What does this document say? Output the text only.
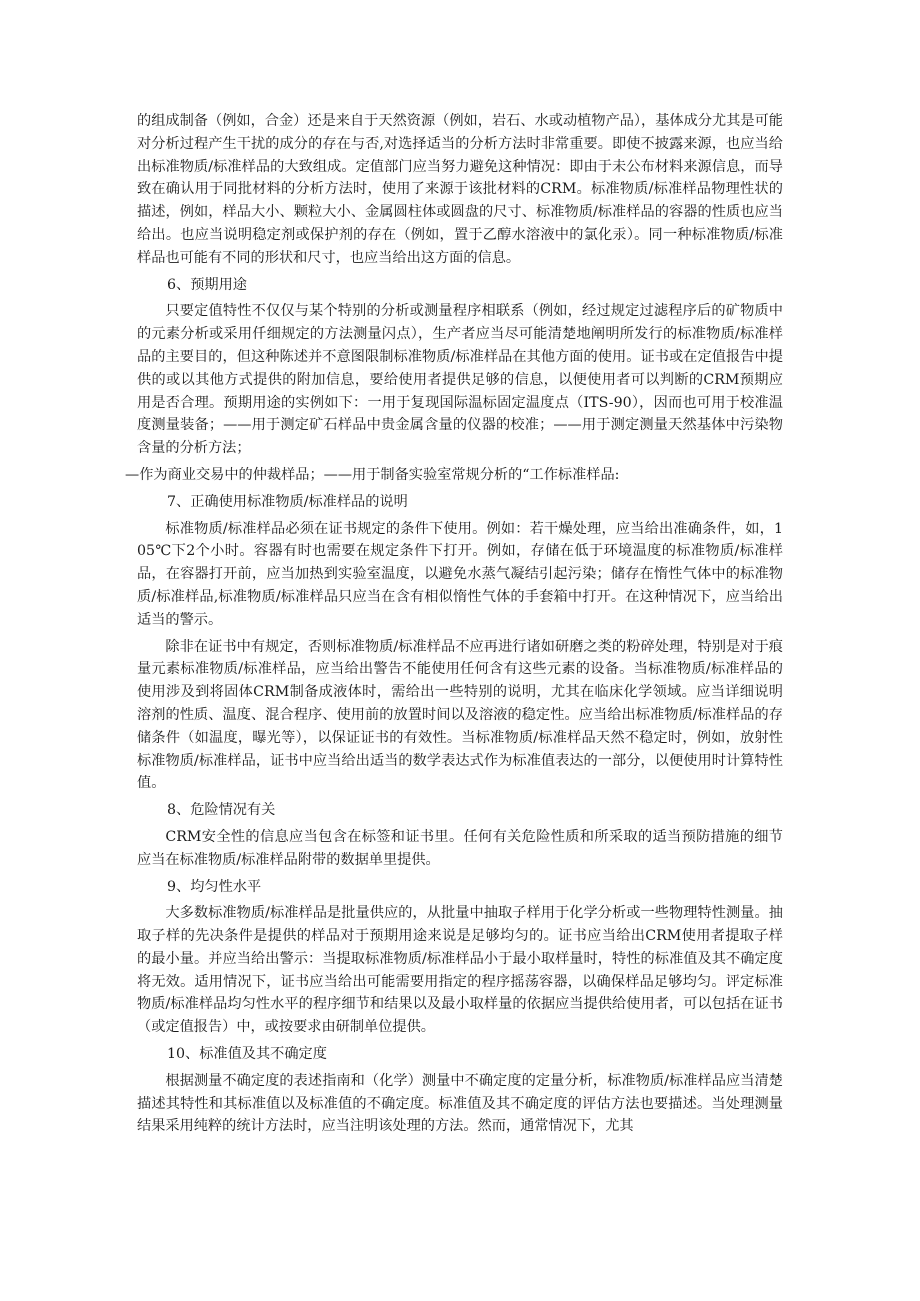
的组成制备（例如，合金）还是来自于天然资源（例如，岩石、水或动植物产品），基体成分尤其是可能对分析过程产生干扰的成分的存在与否,对选择适当的分析方法时非常重要。即使不披露来源，也应当给出标准物质/标准样品的大致组成。定值部门应当努力避免这种情况：即由于未公布材料来源信息，而导致在确认用于同批材料的分析方法时，使用了来源于该批材料的CRM。标准物质/标准样品物理性状的描述，例如，样品大小、颗粒大小、金属圆柱体或圆盘的尺寸、标准物质/标准样品的容器的性质也应当给出。也应当说明稳定剂或保护剂的存在（例如，置于乙醇水溶液中的氯化汞）。同一种标准物质/标准样品也可能有不同的形状和尺寸，也应当给出这方面的信息。

6、预期用途

只要定值特性不仅仅与某个特别的分析或测量程序相联系（例如，经过规定过滤程序后的矿物质中的元素分析或采用仟细规定的方法测量闪点），生产者应当尽可能清楚地阐明所发行的标准物质/标准样品的主要目的，但这种陈述并不意图限制标准物质/标准样品在其他方面的使用。证书或在定值报告中提供的或以其他方式提供的附加信息，要给使用者提供足够的信息，以便使用者可以判断的CRM预期应用是否合理。预期用途的实例如下：一用于复现国际温标固定温度点（ITS-90），因而也可用于校准温度测量装备；——用于测定矿石样品中贵金属含量的仪器的校准；——用于测定测量天然基体中污染物含量的分析方法；

—作为商业交易中的仲裁样品；——用于制备实验室常规分析的“工作标准样品:

7、正确使用标准物质/标准样品的说明

标准物质/标准样品必须在证书规定的条件下使用。例如：若干燥处理，应当给出准确条件，如，105℃下2个小时。容器有时也需要在规定条件下打开。例如，存储在低于环境温度的标准物质/标准样品，在容器打开前，应当加热到实验室温度，以避免水蒸气凝结引起污染；储存在惰性气体中的标准物质/标准样品,标准物质/标准样品只应当在含有相似惰性气体的手套箱中打开。在这种情况下，应当给出适当的警示。

除非在证书中有规定，否则标准物质/标准样品不应再进行诸如研磨之类的粉碎处理，特别是对于痕量元素标准物质/标准样品，应当给出警告不能使用任何含有这些元素的设备。当标准物质/标准样品的使用涉及到将固体CRM制备成液体时，需给出一些特别的说明，尤其在临床化学领域。应当详细说明溶剂的性质、温度、混合程序、使用前的放置时间以及溶液的稳定性。应当给出标准物质/标准样品的存储条件（如温度，曝光等），以保证证书的有效性。当标准物质/标准样品天然不稳定时，例如，放射性标准物质/标准样品，证书中应当给出适当的数学表达式作为标准值表达的一部分，以便使用时计算特性值。

8、危险情况有关

CRM安全性的信息应当包含在标签和证书里。任何有关危险性质和所采取的适当预防措施的细节应当在标准物质/标准样品附带的数据单里提供。

9、均匀性水平

大多数标准物质/标准样品是批量供应的，从批量中抽取子样用于化学分析或一些物理特性测量。抽取子样的先决条件是提供的样品对于预期用途来说是足够均匀的。证书应当给出CRM使用者提取子样的最小量。并应当给出警示：当提取标准物质/标准样品小于最小取样量时，特性的标准值及其不确定度将无效。适用情况下，证书应当给出可能需要用指定的程序摇荡容器，以确保样品足够均匀。评定标准物质/标准样品均匀性水平的程序细节和结果以及最小取样量的依据应当提供给使用者，可以包括在证书（或定值报告）中，或按要求由研制单位提供。

10、标准值及其不确定度

根据测量不确定度的表述指南和（化学）测量中不确定度的定量分析，标准物质/标准样品应当清楚描述其特性和其标准值以及标准值的不确定度。标准值及其不确定度的评估方法也要描述。当处理测量结果采用纯粹的统计方法时，应当注明该处理的方法。然而，通常情况下，尤其
